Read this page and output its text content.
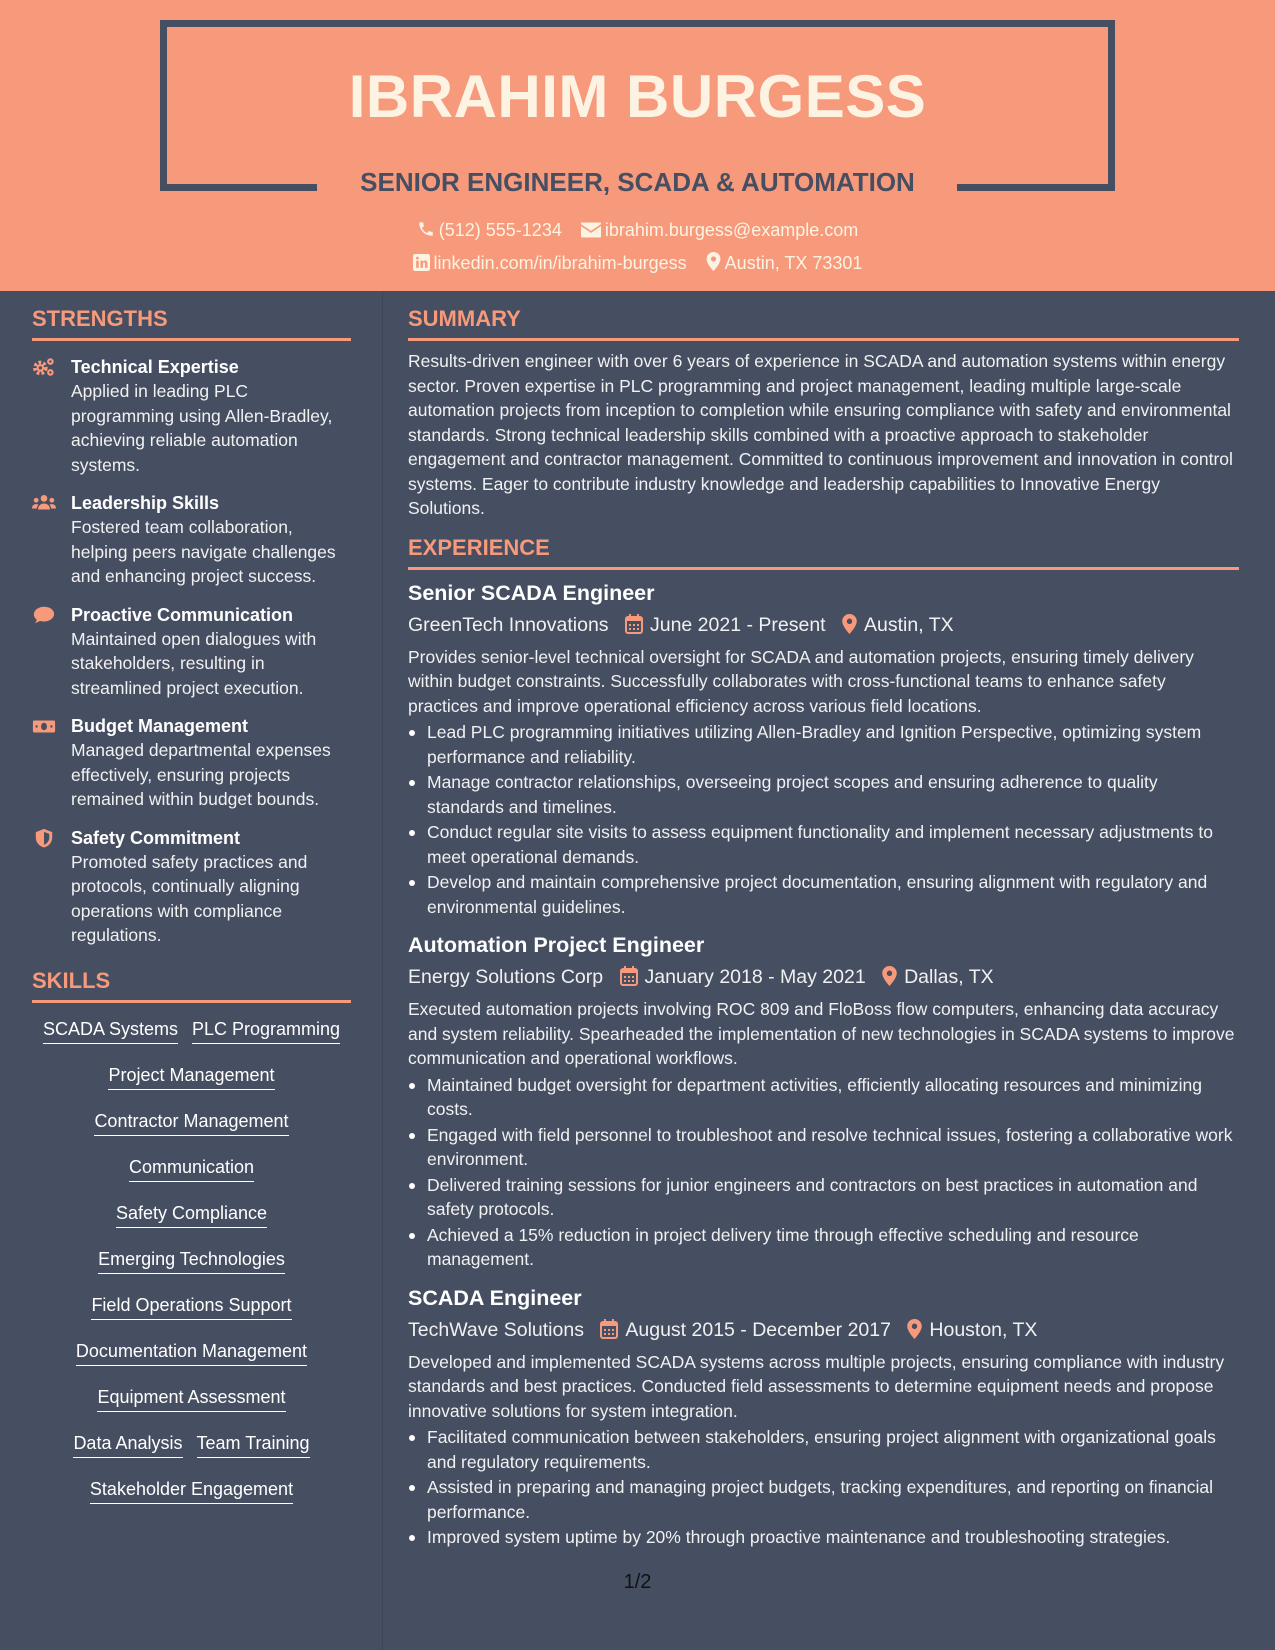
IBRAHIM BURGESS
SENIOR ENGINEER, SCADA & AUTOMATION
(512) 555-1234 ibrahim.burgess@example.com
linkedin.com/in/ibrahim-burgess Austin, TX 73301
STRENGTHS
Technical Expertise
Applied in leading PLC programming using Allen-Bradley, achieving reliable automation systems.
Leadership Skills
Fostered team collaboration, helping peers navigate challenges and enhancing project success.
Proactive Communication
Maintained open dialogues with stakeholders, resulting in streamlined project execution.
Budget Management
Managed departmental expenses effectively, ensuring projects remained within budget bounds.
Safety Commitment
Promoted safety practices and protocols, continually aligning operations with compliance regulations.
SKILLS
SCADA Systems PLC Programming
Project Management
Contractor Management
Communication
Safety Compliance
Emerging Technologies
Field Operations Support
Documentation Management
Equipment Assessment
Data Analysis Team Training
Stakeholder Engagement
SUMMARY

Results-driven engineer with over 6 years of experience in SCADA and automation systems within energy sector. Proven expertise in PLC programming and project management, leading multiple large-scale automation projects from inception to completion while ensuring compliance with safety and environmental standards. Strong technical leadership skills combined with a proactive approach to stakeholder engagement and contractor management. Committed to continuous improvement and innovation in control systems. Eager to contribute industry knowledge and leadership capabilities to Innovative Energy Solutions.

EXPERIENCE
Senior SCADA Engineer
GreenTech Innovations June 2021 - Present Austin, TX

Provides senior-level technical oversight for SCADA and automation projects, ensuring timely delivery within budget constraints. Successfully collaborates with cross-functional teams to enhance safety practices and improve operational efficiency across various field locations.

Lead PLC programming initiatives utilizing Allen-Bradley and Ignition Perspective, optimizing system performance and reliability.
Manage contractor relationships, overseeing project scopes and ensuring adherence to quality standards and timelines.
Conduct regular site visits to assess equipment functionality and implement necessary adjustments to meet operational demands.
Develop and maintain comprehensive project documentation, ensuring alignment with regulatory and environmental guidelines.
Automation Project Engineer
Energy Solutions Corp January 2018 - May 2021 Dallas, TX

Executed automation projects involving ROC 809 and FloBoss flow computers, enhancing data accuracy and system reliability. Spearheaded the implementation of new technologies in SCADA systems to improve communication and operational workflows.

Maintained budget oversight for department activities, efficiently allocating resources and minimizing costs.
Engaged with field personnel to troubleshoot and resolve technical issues, fostering a collaborative work environment.
Delivered training sessions for junior engineers and contractors on best practices in automation and safety protocols.
Achieved a 15% reduction in project delivery time through effective scheduling and resource management.
SCADA Engineer
TechWave Solutions August 2015 - December 2017 Houston, TX

Developed and implemented SCADA systems across multiple projects, ensuring compliance with industry standards and best practices. Conducted field assessments to determine equipment needs and propose innovative solutions for system integration.

Facilitated communication between stakeholders, ensuring project alignment with organizational goals and regulatory requirements.
Assisted in preparing and managing project budgets, tracking expenditures, and reporting on financial performance.
Improved system uptime by 20% through proactive maintenance and troubleshooting strategies.
1/2
